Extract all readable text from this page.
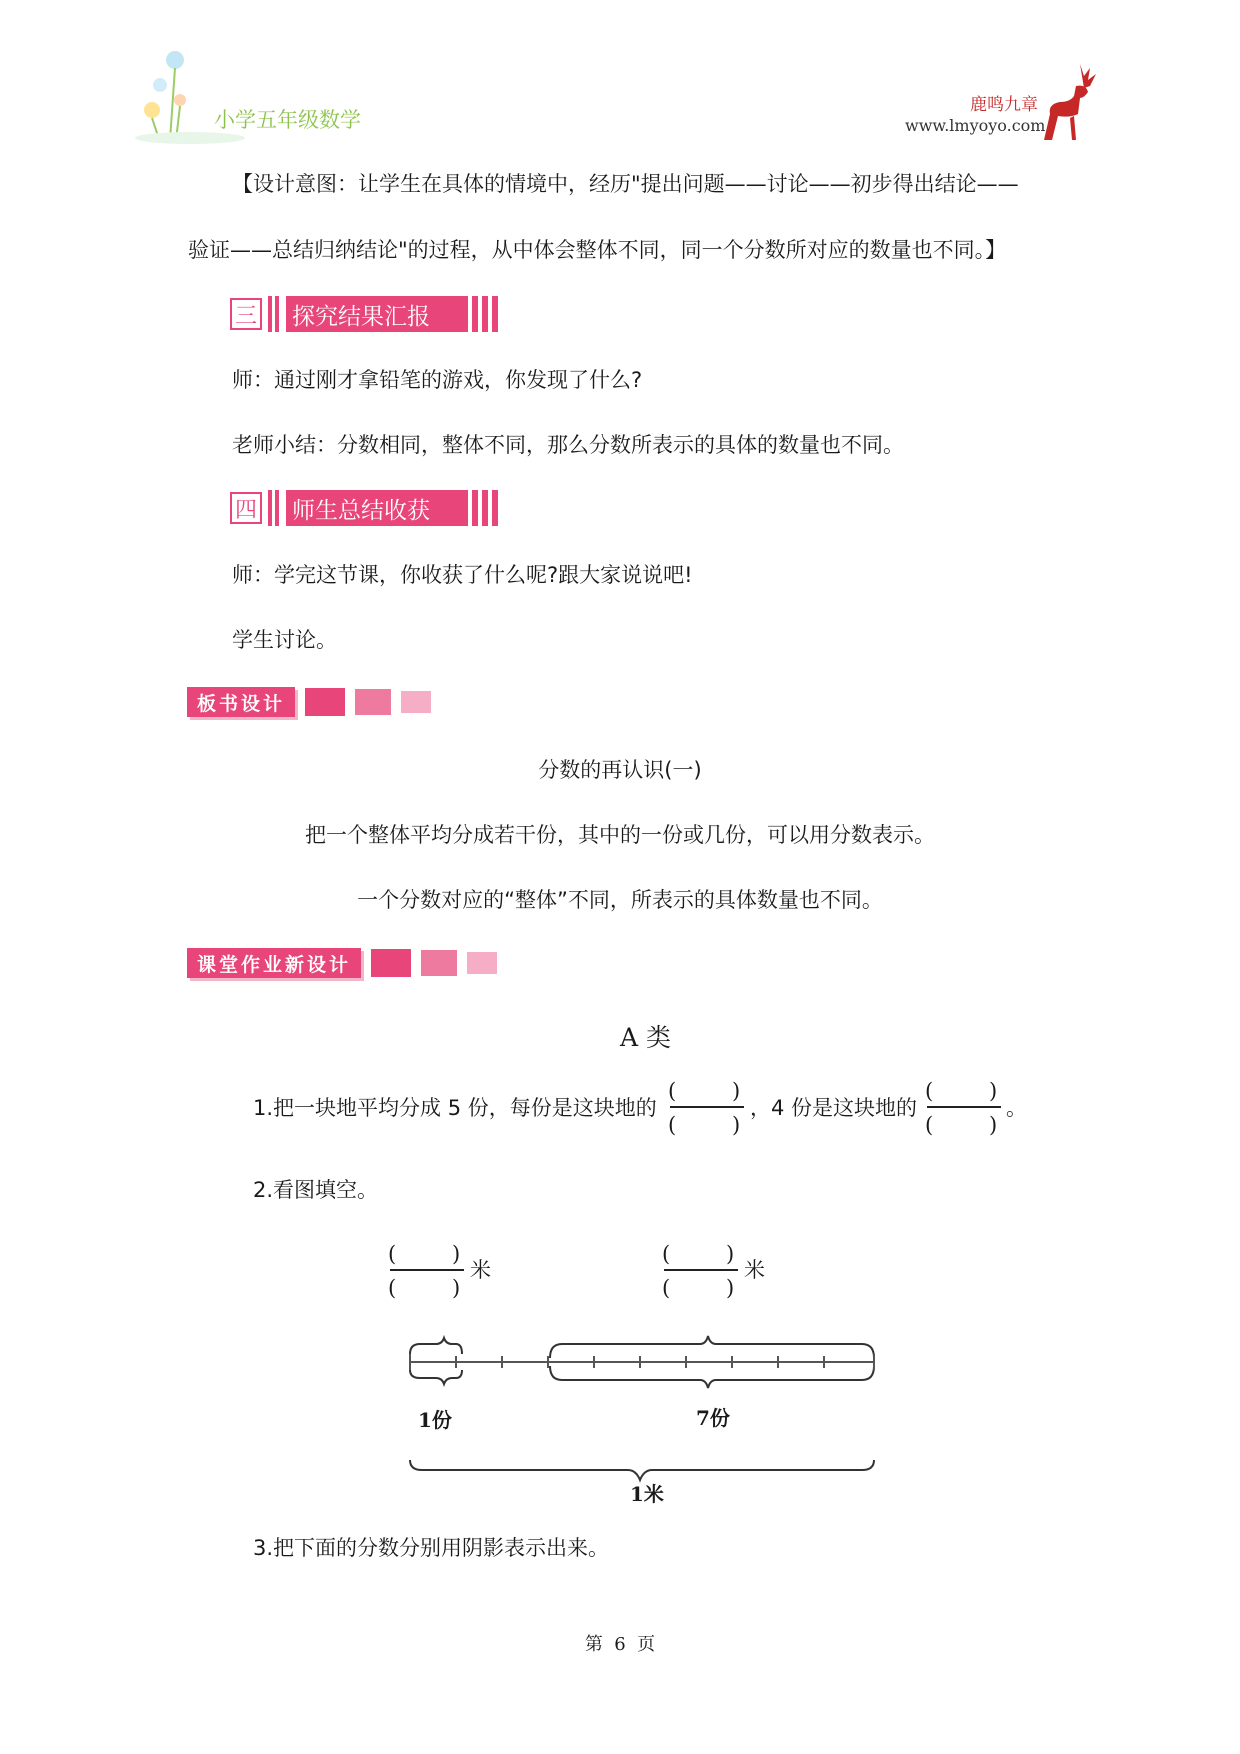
小学五年级数学
鹿鸣九章
www.lmyoyo.com
【设计意图：让学生在具体的情境中，经历"提出问题——讨论——初步得出结论——
验证——总结归纳结论"的过程，从中体会整体不同，同一个分数所对应的数量也不同。】
三 探究结果汇报
师：通过刚才拿铅笔的游戏，你发现了什么?
老师小结：分数相同，整体不同，那么分数所表示的具体的数量也不同。
四 师生总结收获
师：学完这节课，你收获了什么呢?跟大家说说吧!
学生讨论。
板书设计
分数的再认识(一)
把一个整体平均分成若干份，其中的一份或几份，可以用分数表示。
一个分数对应的“整体”不同，所表示的具体数量也不同。
课堂作业新设计
A 类
1.把一块地平均分成 5 份，每份是这块地的
(	)
(	)
，4 份是这块地的
(	)
(	)
。
2.看图填空。
(	)
(	)
米
(	)
(	)
米
1份	7份
1米
3.把下面的分数分别用阴影表示出来。
第  6  页
